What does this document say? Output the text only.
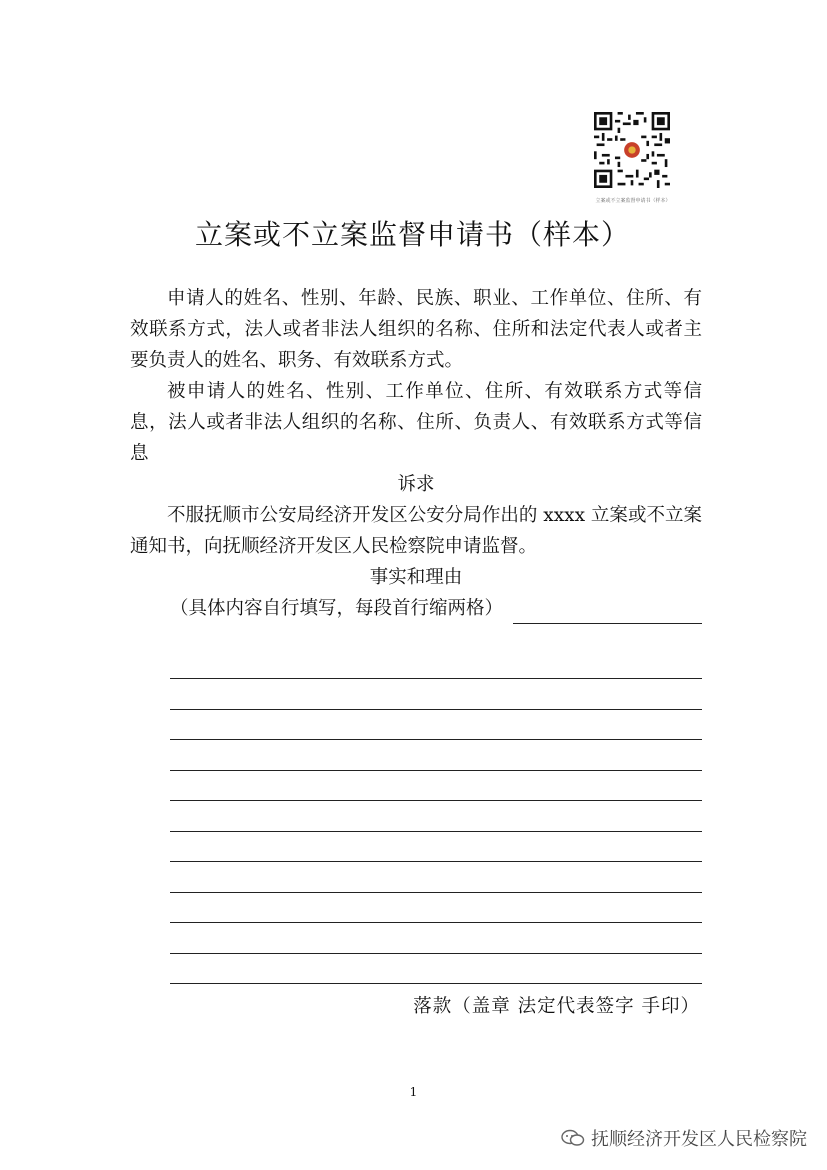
立案或不立案监督申请书（样本）
立案或不立案监督申请书（样本）

申请人的姓名、性别、年龄、民族、职业、工作单位、住所、有效联系方式，法人或者非法人组织的名称、住所和法定代表人或者主要负责人的姓名、职务、有效联系方式。

被申请人的姓名、性别、工作单位、住所、有效联系方式等信息，法人或者非法人组织的名称、住所、负责人、有效联系方式等信息

诉求

不服抚顺市公安局经济开发区公安分局作出的 xxxx 立案或不立案通知书，向抚顺经济开发区人民检察院申请监督。

事实和理由

（具体内容自行填写，每段首行缩两格）
落款（盖章 法定代表签字 手印）
1
抚顺经济开发区人民检察院
